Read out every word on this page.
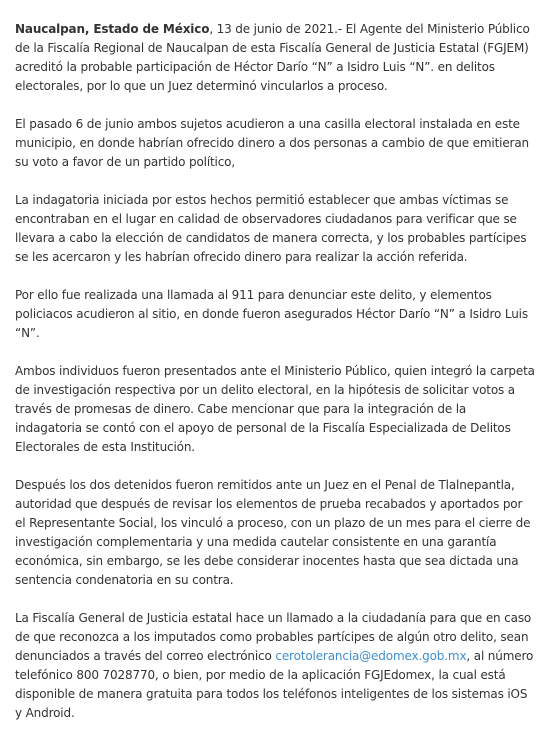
Naucalpan, Estado de México, 13 de junio de 2021.- El Agente del Ministerio Público de la Fiscalía Regional de Naucalpan de esta Fiscalía General de Justicia Estatal (FGJEM) acreditó la probable participación de Héctor Darío “N” a Isidro Luis “N”. en delitos electorales, por lo que un Juez determinó vincularlos a proceso.

El pasado 6 de junio ambos sujetos acudieron a una casilla electoral instalada en este municipio, en donde habrían ofrecido dinero a dos personas a cambio de que emitieran su voto a favor de un partido político,

La indagatoria iniciada por estos hechos permitió establecer que ambas víctimas se encontraban en el lugar en calidad de observadores ciudadanos para verificar que se llevara a cabo la elección de candidatos de manera correcta, y los probables partícipes se les acercaron y les habrían ofrecido dinero para realizar la acción referida.

Por ello fue realizada una llamada al 911 para denunciar este delito, y elementos policiacos acudieron al sitio, en donde fueron asegurados Héctor Darío “N” a Isidro Luis “N”.

Ambos individuos fueron presentados ante el Ministerio Público, quien integró la carpeta de investigación respectiva por un delito electoral, en la hipótesis de solicitar votos a través de promesas de dinero. Cabe mencionar que para la integración de la indagatoria se contó con el apoyo de personal de la Fiscalía Especializada de Delitos Electorales de esta Institución.

Después los dos detenidos fueron remitidos ante un Juez en el Penal de Tlalnepantla, autoridad que después de revisar los elementos de prueba recabados y aportados por el Representante Social, los vinculó a proceso, con un plazo de un mes para el cierre de investigación complementaria y una medida cautelar consistente en una garantía económica, sin embargo, se les debe considerar inocentes hasta que sea dictada una sentencia condenatoria en su contra.

La Fiscalía General de Justicia estatal hace un llamado a la ciudadanía para que en caso de que reconozca a los imputados como probables partícipes de algún otro delito, sean denunciados a través del correo electrónico cerotolerancia@edomex.gob.mx, al número telefónico 800 7028770, o bien, por medio de la aplicación FGJEdomex, la cual está disponible de manera gratuita para todos los teléfonos inteligentes de los sistemas iOS y Android.
